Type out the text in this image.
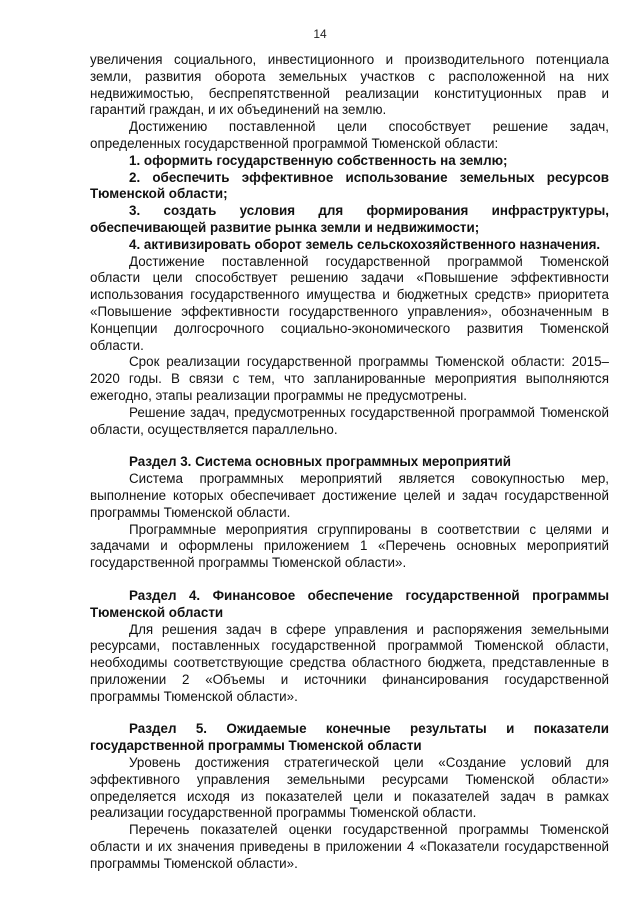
14

увеличения социального, инвестиционного и производительного потенциала земли, развития оборота земельных участков с расположенной на них недвижимостью, беспрепятственной реализации конституционных прав и гарантий граждан, и их объединений на землю.

Достижению поставленной цели способствует решение задач, определенных государственной программой Тюменской области:

1. оформить государственную собственность на землю;

2. обеспечить эффективное использование земельных ресурсов Тюменской области;

3. создать условия для формирования инфраструктуры, обеспечивающей развитие рынка земли и недвижимости;

4. активизировать оборот земель сельскохозяйственного назначения.

Достижение поставленной государственной программой Тюменской области цели способствует решению задачи «Повышение эффективности использования государственного имущества и бюджетных средств» приоритета «Повышение эффективности государственного управления», обозначенным в Концепции долгосрочного социально-экономического развития Тюменской области.

Срок реализации государственной программы Тюменской области: 2015–2020 годы. В связи с тем, что запланированные мероприятия выполняются ежегодно, этапы реализации программы не предусмотрены.

Решение задач, предусмотренных государственной программой Тюменской области, осуществляется параллельно.

Раздел 3. Система основных программных мероприятий

Система программных мероприятий является совокупностью мер, выполнение которых обеспечивает достижение целей и задач государственной программы Тюменской области.

Программные мероприятия сгруппированы в соответствии с целями и задачами и оформлены приложением 1 «Перечень основных мероприятий государственной программы Тюменской области».

Раздел 4. Финансовое обеспечение государственной программы Тюменской области

Для решения задач в сфере управления и распоряжения земельными ресурсами, поставленных государственной программой Тюменской области, необходимы соответствующие средства областного бюджета, представленные в приложении 2 «Объемы и источники финансирования государственной программы Тюменской области».

Раздел 5. Ожидаемые конечные результаты и показатели государственной программы Тюменской области

Уровень достижения стратегической цели «Создание условий для эффективного управления земельными ресурсами Тюменской области» определяется исходя из показателей цели и показателей задач в рамках реализации государственной программы Тюменской области.

Перечень показателей оценки государственной программы Тюменской области и их значения приведены в приложении 4 «Показатели государственной программы Тюменской области».
